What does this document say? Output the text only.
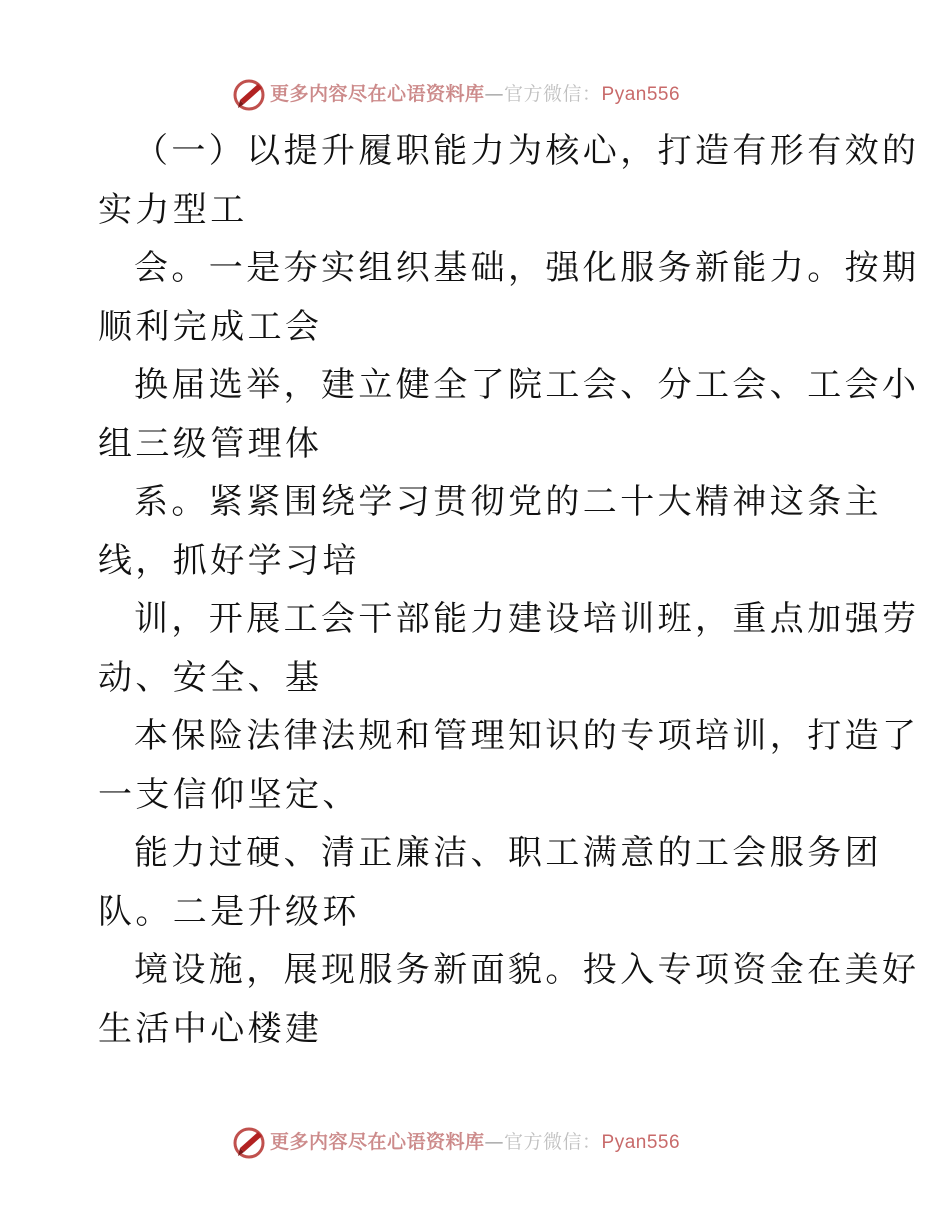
更多内容尽在心语资料库—官方微信：Pyan556
（一）以提升履职能力为核心，打造有形有效的
实力型工
会。一是夯实组织基础，强化服务新能力。按期
顺利完成工会
换届选举，建立健全了院工会、分工会、工会小
组三级管理体
系。紧紧围绕学习贯彻党的二十大精神这条主
线，抓好学习培
训，开展工会干部能力建设培训班，重点加强劳
动、安全、基
本保险法律法规和管理知识的专项培训，打造了
一支信仰坚定、
能力过硬、清正廉洁、职工满意的工会服务团
队。二是升级环
境设施，展现服务新面貌。投入专项资金在美好
生活中心楼建
更多内容尽在心语资料库—官方微信：Pyan556
